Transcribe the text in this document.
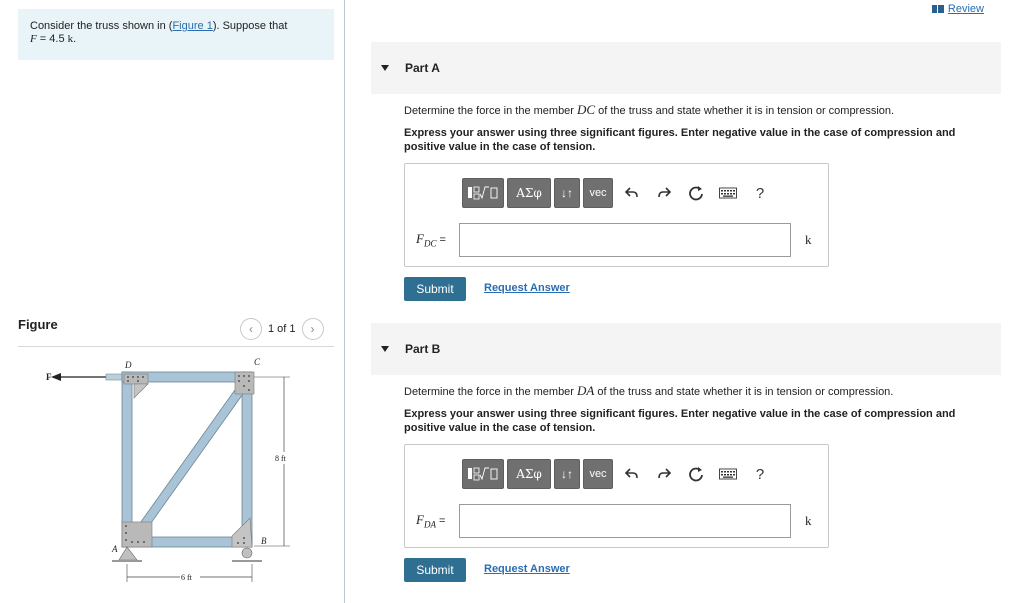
Consider the truss shown in (Figure 1). Suppose that
F = 4.5 k.
Figure	‹ 1 of 1 ›
F
D	C
A
B
8 ft
6 ft
Review
Part A
Determine the force in the member DC of the truss and state whether it is in tension or compression.
Express your answer using three significant figures. Enter negative value in the case of compression and positive value in the case of tension.
ΑΣφ	↓↑	vec	?
$F_{DC}$ =	k
Submit	Request Answer
Part B
Determine the force in the member DA of the truss and state whether it is in tension or compression.
Express your answer using three significant figures. Enter negative value in the case of compression and positive value in the case of tension.
ΑΣφ	↓↑	vec	?
$F_{DA}$ =	k
Submit	Request Answer
